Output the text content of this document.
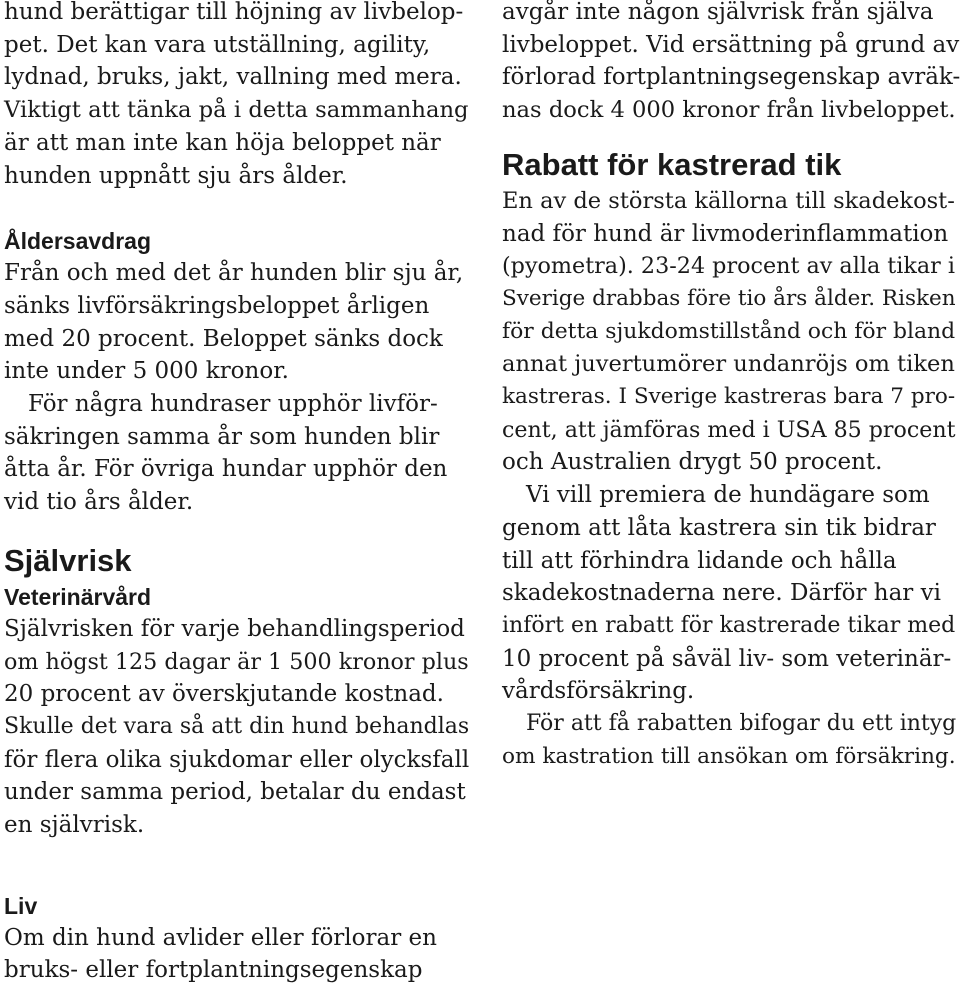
hund berättigar till höjning av livbelop-
pet. Det kan vara utställning, agility,
lydnad, bruks, jakt, vallning med mera.
Viktigt att tänka på i detta sammanhang
är att man inte kan höja beloppet när
hunden uppnått sju års ålder.
Åldersavdrag
Från och med det år hunden blir sju år,
sänks livförsäkringsbeloppet årligen
med 20 procent. Beloppet sänks dock
inte under 5 000 kronor.
För några hundraser upphör livför-
säkringen samma år som hunden blir
åtta år. För övriga hundar upphör den
vid tio års ålder.
Självrisk
Veterinärvård
Självrisken för varje behandlingsperiod
om högst 125 dagar är 1 500 kronor plus
20 procent av överskjutande kostnad.
Skulle det vara så att din hund behandlas
för flera olika sjukdomar eller olycksfall
under samma period, betalar du endast
en självrisk.
Liv
Om din hund avlider eller förlorar en
bruks- eller fortplantningsegenskap
avgår inte någon självrisk från själva
livbeloppet. Vid ersättning på grund av
förlorad fortplantningsegenskap avräk-
nas dock 4 000 kronor från livbeloppet.
Rabatt för kastrerad tik
En av de största källorna till skadekost-
nad för hund är livmoderinflammation
(pyometra). 23-24 procent av alla tikar i
Sverige drabbas före tio års ålder. Risken
för detta sjukdomstillstånd och för bland
annat juvertumörer undanröjs om tiken
kastreras. I Sverige kastreras bara 7 pro-
cent, att jämföras med i USA 85 procent
och Australien drygt 50 procent.
Vi vill premiera de hundägare som
genom att låta kastrera sin tik bidrar
till att förhindra lidande och hålla
skadekostnaderna nere. Därför har vi
infört en rabatt för kastrerade tikar med
10 procent på såväl liv- som veterinär-
vårdsförsäkring.
För att få rabatten bifogar du ett intyg
om kastration till ansökan om försäkring.
